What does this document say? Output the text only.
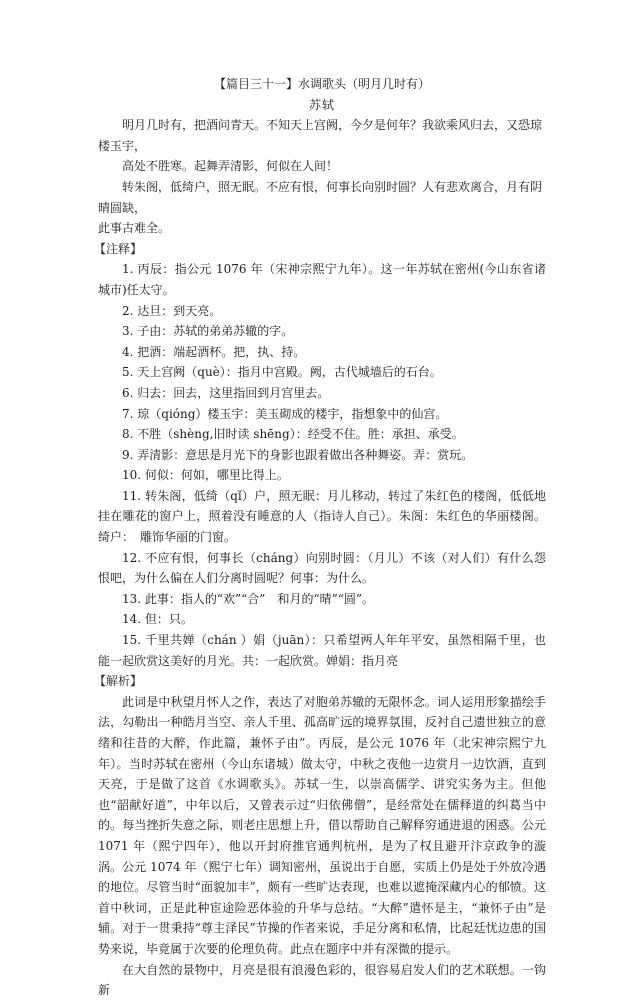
【篇目三十一】水调歌头（明月几时有）

苏轼

明月几时有，把酒问青天。不知天上宫阙，今夕是何年？我欲乘风归去，又恐琼楼玉宇，

高处不胜寒。起舞弄清影，何似在人间！

转朱阁，低绮户，照无眠。不应有恨，何事长向别时圆？人有悲欢离合，月有阴晴圆缺，

此事古难全。

【注释】

1. 丙辰：指公元 1076 年（宋神宗熙宁九年）。这一年苏轼在密州(今山东省诸城市)任太守。

2. 达旦：到天亮。

3. 子由：苏轼的弟弟苏辙的字。

4. 把酒：端起酒杯。把，执、持。

5. 天上宫阙（què）：指月中宫殿。阙，古代城墙后的石台。

6. 归去：回去，这里指回到月宫里去。

7. 琼（qióng）楼玉宇：美玉砌成的楼宇，指想象中的仙宫。

8. 不胜（shèng,旧时读 shēng）：经受不住。胜：承担、承受。

9. 弄清影：意思是月光下的身影也跟着做出各种舞姿。弄：赏玩。

10. 何似：何如，哪里比得上。

11. 转朱阁，低绮（qǐ）户，照无眠：月儿移动，转过了朱红色的楼阁，低低地挂在雕花的窗户上，照着没有睡意的人（指诗人自己）。朱阁：朱红色的华丽楼阁。绮户：　雕饰华丽的门窗。

12. 不应有恨，何事长（cháng）向别时圆：（月儿）不该（对人们）有什么怨恨吧，为什么偏在人们分离时圆呢？何事：为什么。

13. 此事：指人的“欢”“合”　和月的“晴”“圆”。

14. 但：只。

15. 千里共婵（chán ）娟（juān）：只希望两人年年平安，虽然相隔千里，也能一起欣赏这美好的月光。共：一起欣赏。婵娟：指月亮

【解析】

此词是中秋望月怀人之作，表达了对胞弟苏辙的无限怀念。词人运用形象描绘手法，勾勒出一种皓月当空、亲人千里、孤高旷远的境界氛围，反衬自己遗世独立的意绪和往昔的大醉，作此篇，兼怀子由”。丙辰，是公元 1076 年（北宋神宗熙宁九年）。当时苏轼在密州（今山东诸城）做太守，中秋之夜他一边赏月一边饮酒，直到天亮，于是做了这首《水调歌头》。苏轼一生，以崇高儒学、讲究实务为主。但他也“韶献好道”，中年以后，又曾表示过“归依佛僧”，是经常处在儒释道的纠葛当中的。每当挫折失意之际，则老庄思想上升，借以帮助自己解释穷通进退的困惑。公元 1071 年（熙宁四年），他以开封府推官通判杭州，是为了权且避开汴京政争的漩涡。公元 1074 年（熙宁七年）调知密州，虽说出于自愿，实质上仍是处于外放冷遇的地位。尽管当时“面貌加丰”，颇有一些旷达表现，也难以遮掩深藏内心的郁愤。这首中秋词，正是此种宦途险恶体验的升华与总结。“大醉”遣怀是主，“兼怀子由”是辅。对于一贯秉持“尊主泽民”节操的作者来说，手足分离和私情，比起廷忧边患的国势来说，毕竟属于次要的伦理负荷。此点在题序中并有深微的提示。

在大自然的景物中，月亮是很有浪漫色彩的，很容易启发人们的艺术联想。一钩新
